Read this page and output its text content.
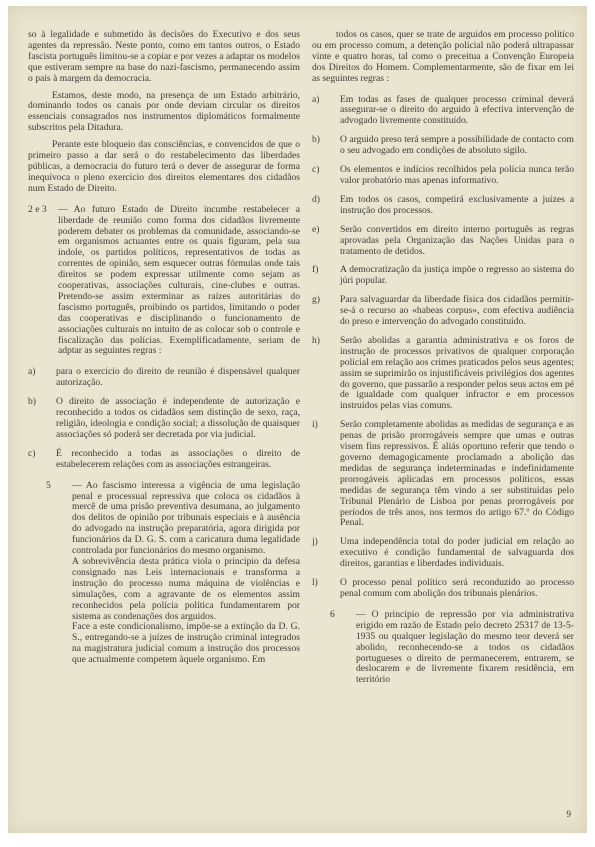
so à legalidade e submetido às decisões do Executivo e dos seus agentes da repressão. Neste ponto, como em tantos outros, o Estado fascista português limitou-se a copiar e por vezes a adaptar os modelos que estiveram sempre na base do nazi-fascismo, permanecendo assim o país à margem da democracia.

Estamos, deste modo, na presença de um Estado arbitrário, dominando todos os canais por onde deviam circular os direitos essenciais consagrados nos instrumentos diplomáticos formalmente subscritos pela Ditadura.

Perante este bloqueio das consciências, e convencidos de que o primeiro passo a dar será o do restabelecimento das liberdades públicas, a democracia do futuro terá o dever de assegurar de forma inequívoca o pleno exercício dos direitos elementares dos cidadãos num Estado de Direito.

2 e 3	— Ao futuro Estado de Direito incumbe restabelecer a liberdade de reunião como forma dos cidadãos livremente poderem debater os problemas da comunidade, associando-se em organismos actuantes entre os quais figuram, pela sua índole, os partidos políticos, representativos de todas as correntes de opinião, sem esquecer outras fórmulas onde tais direitos se podem expressar utilmente como sejam as cooperativas, associações culturais, cine-clubes e outras. Pretendo-se assim exterminar as raízes autoritárias do fascismo português, proibindo os partidos, limitando o poder das cooperativas e disciplinando o funcionamento de associações culturais no intuito de as colocar sob o controle e fiscalização das polícias. Exemplificadamente, seriam de adptar as seguintes regras :
a)	para o exercício do direito de reunião é dispensável qualquer autorização.
b)	O direito de associação é independente de autorização e reconhecido a todos os cidadãos sem distinção de sexo, raça, religião, ideologia e condição social; a dissolução de quaisquer associações só poderá ser decretada por via judicial.
c)	É reconhecido a todas as associações o direito de estabelecerem relações com as associações estrangeiras.
5	— Ao fascismo interessa a vigência de uma legislação penal e processual repressiva que coloca os cidadãos à mercê de uma prisão preventiva desumana, ao julgamento dos delitos de opinião por tribunais especiais e à ausência do advogado na instrução preparatória, agora dirigida por funcionários da D. G. S. com a caricatura duma legalidade controlada por funcionários do mesmo organismo.

A sobrevivência desta prática viola o princípio da defesa consignado nas Leis internacionais e transforma a instrução do processo numa máquina de violências e simulações, com a agravante de os elementos assim reconhecidos pela polícia política fundamentarem por sistema as condenações dos arguidos.

Face a este condicionalismo, impõe-se a extinção da D. G. S., entregando-se a juízes de instrução criminal integrados na magistratura judicial comum a instrução dos processos que actualmente competem àquele organismo. Em

todos os casos, quer se trate de arguidos em processo político ou em processo comum, a detenção policial não poderá ultrapassar vinte e quatro horas, tal como o preceitua a Convenção Europeia dos Direitos do Homem. Complementarmente, são de fixar em lei as seguintes regras :

a)	Em todas as fases de qualquer processo criminal deverá assegurar-se o direito do arguido à efectiva intervenção de advogado livremente constituído.
b)	O arguido preso terá sempre a possibilidade de contacto com o seu advogado em condições de absoluto sigilo.
c)	Os elementos e indícios recolhidos pela polícia nunca terão valor probatório mas apenas informativo.
d)	Em todos os casos, competirá exclusivamente a juízes a instrução dos processos.
e)	Serão convertidos em direito interno português as regras aprovadas pela Organização das Nações Unidas para o tratamento de detidos.
f)	A democratização da justiça impõe o regresso ao sistema do júri popular.
g)	Para salvaguardar da liberdade física dos cidadãos permitir-se-á o recurso ao «habeas corpus», com efectiva audiência do preso e intervenção do advogado constituído.
h)	Serão abolidas a garantia administrativa e os foros de instrução de processos privativos de qualquer corporação policial em relação aos crimes praticados pelos seus agentes; assim se suprimirão os injustificáveis privilégios dos agentes do governo, que passarão a responder pelos seus actos em pé de igualdade com qualquer infractor e em processos instruídos pelas vias comuns.
i)	Serão completamente abolidas as medidas de segurança e as penas de prisão prorrogáveis sempre que umas e outras visem fins repressivos. É aliás oportuno referir que tendo o governo demagogicamente proclamado a abolição das medidas de segurança indeterminadas e indefinidamente prorrogáveis aplicadas em processos políticos, essas medidas de segurança têm vindo a ser substituídas pelo Tribunal Plenário de Lisboa por penas prorrogáveis por períodos de três anos, nos termos do artigo 67.º do Código Penal.
j)	Uma independência total do poder judicial em relação ao executivo é condição fundamental de salvaguarda dos direitos, garantias e liberdades individuais.
l)	O processo penal político será reconduzido ao processo penal comum com abolição dos tribunais plenários.
6	— O princípio de repressão por via administrativa erigido em razão de Estado pelo decreto 25317 de 13-5-1935 ou qualquer legislação do mesmo teor deverá ser abolido, reconhecendo-se a todos os cidadãos portugueses o direito de permanecerem, entrarem, se deslocarem e de livremente fixarem residência, em território
9
